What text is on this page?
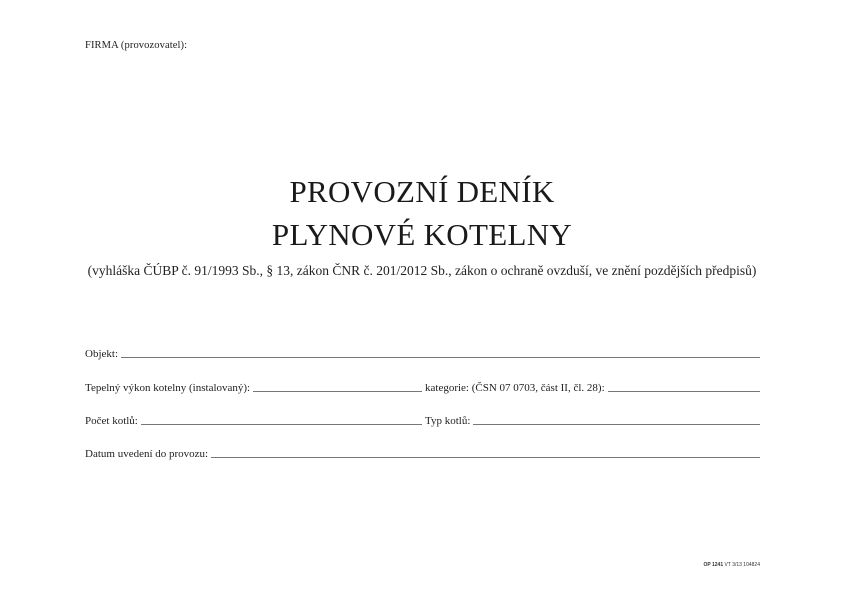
FIRMA (provozovatel):
PROVOZNÍ DENÍK
PLYNOVÉ KOTELNY
(vyhláška ČÚBP č. 91/1993 Sb., § 13, zákon ČNR č. 201/2012 Sb., zákon o ochraně ovzduší, ve znění pozdějších předpisů)
Objekt:
Tepelný výkon kotelny (instalovaný):	kategorie: (ČSN 07 0703, část II, čl. 28):
Počet kotlů:	Typ kotlů:
Datum uvedení do provozu:
OP 1241 VT 3/13 104824
